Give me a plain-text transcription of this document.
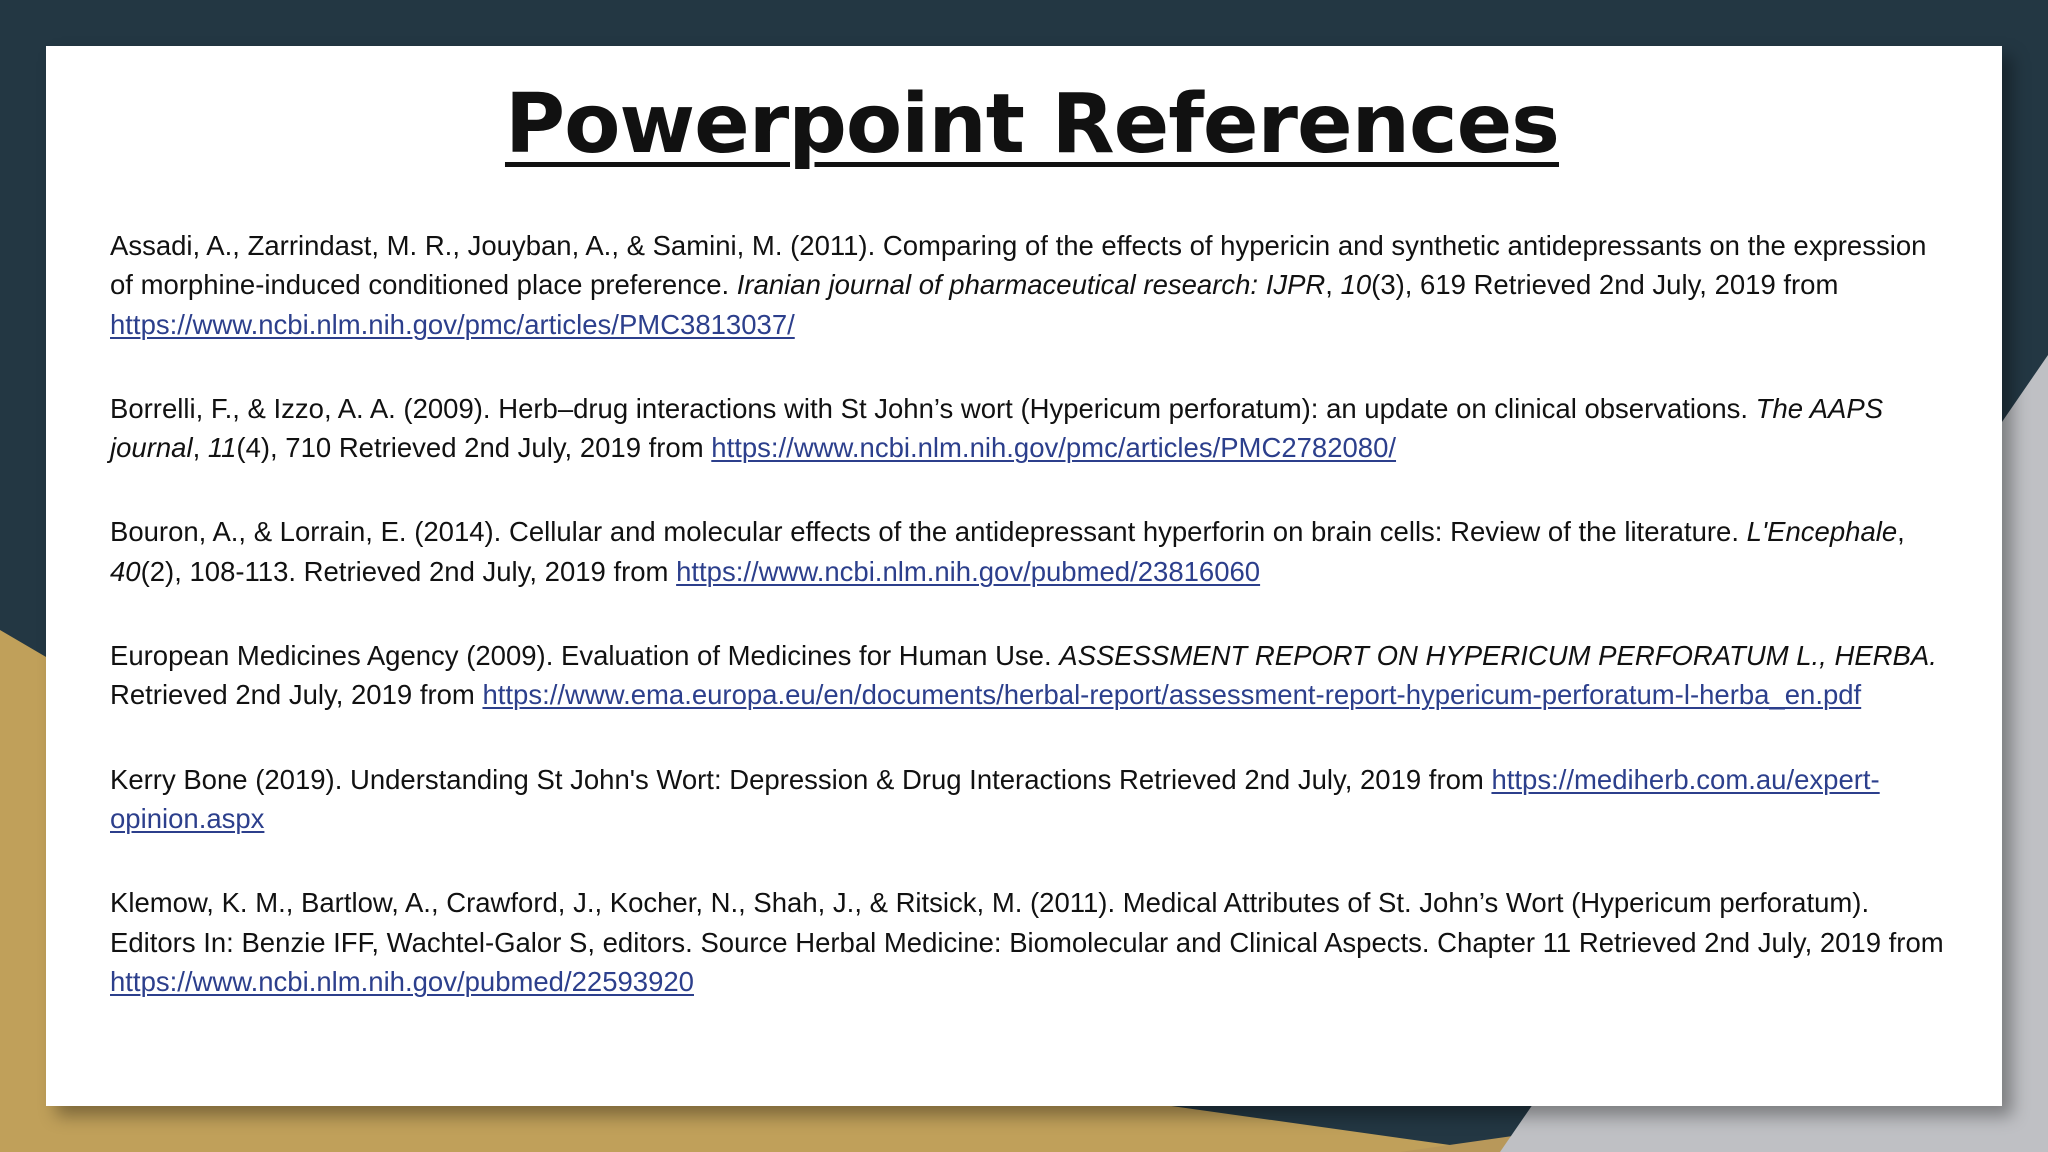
Powerpoint References

Assadi, A., Zarrindast, M. R., Jouyban, A., & Samini, M. (2011). Comparing of the effects of hypericin and synthetic antidepressants on the expression of morphine-induced conditioned place preference. Iranian journal of pharmaceutical research: IJPR, 10(3), 619 Retrieved 2nd July, 2019 from https://www.ncbi.nlm.nih.gov/pmc/articles/PMC3813037/

Borrelli, F., & Izzo, A. A. (2009). Herb–drug interactions with St John’s wort (Hypericum perforatum): an update on clinical observations. The AAPS journal, 11(4), 710 Retrieved 2nd July, 2019 from https://www.ncbi.nlm.nih.gov/pmc/articles/PMC2782080/

Bouron, A., & Lorrain, E. (2014). Cellular and molecular effects of the antidepressant hyperforin on brain cells: Review of the literature. L'Encephale, 40(2), 108-113. Retrieved 2nd July, 2019 from https://www.ncbi.nlm.nih.gov/pubmed/23816060

European Medicines Agency (2009). Evaluation of Medicines for Human Use. ASSESSMENT REPORT ON HYPERICUM PERFORATUM L., HERBA. Retrieved 2nd July, 2019 from https://www.ema.europa.eu/en/documents/herbal-report/assessment-report-hypericum-perforatum-l-herba_en.pdf

Kerry Bone (2019). Understanding St John's Wort: Depression & Drug Interactions Retrieved 2nd July, 2019 from https://mediherb.com.au/expert-opinion.aspx

Klemow, K. M., Bartlow, A., Crawford, J., Kocher, N., Shah, J., & Ritsick, M. (2011). Medical Attributes of St. John’s Wort (Hypericum perforatum). Editors In: Benzie IFF, Wachtel-Galor S, editors. Source Herbal Medicine: Biomolecular and Clinical Aspects. Chapter 11 Retrieved 2nd July, 2019 from https://www.ncbi.nlm.nih.gov/pubmed/22593920
